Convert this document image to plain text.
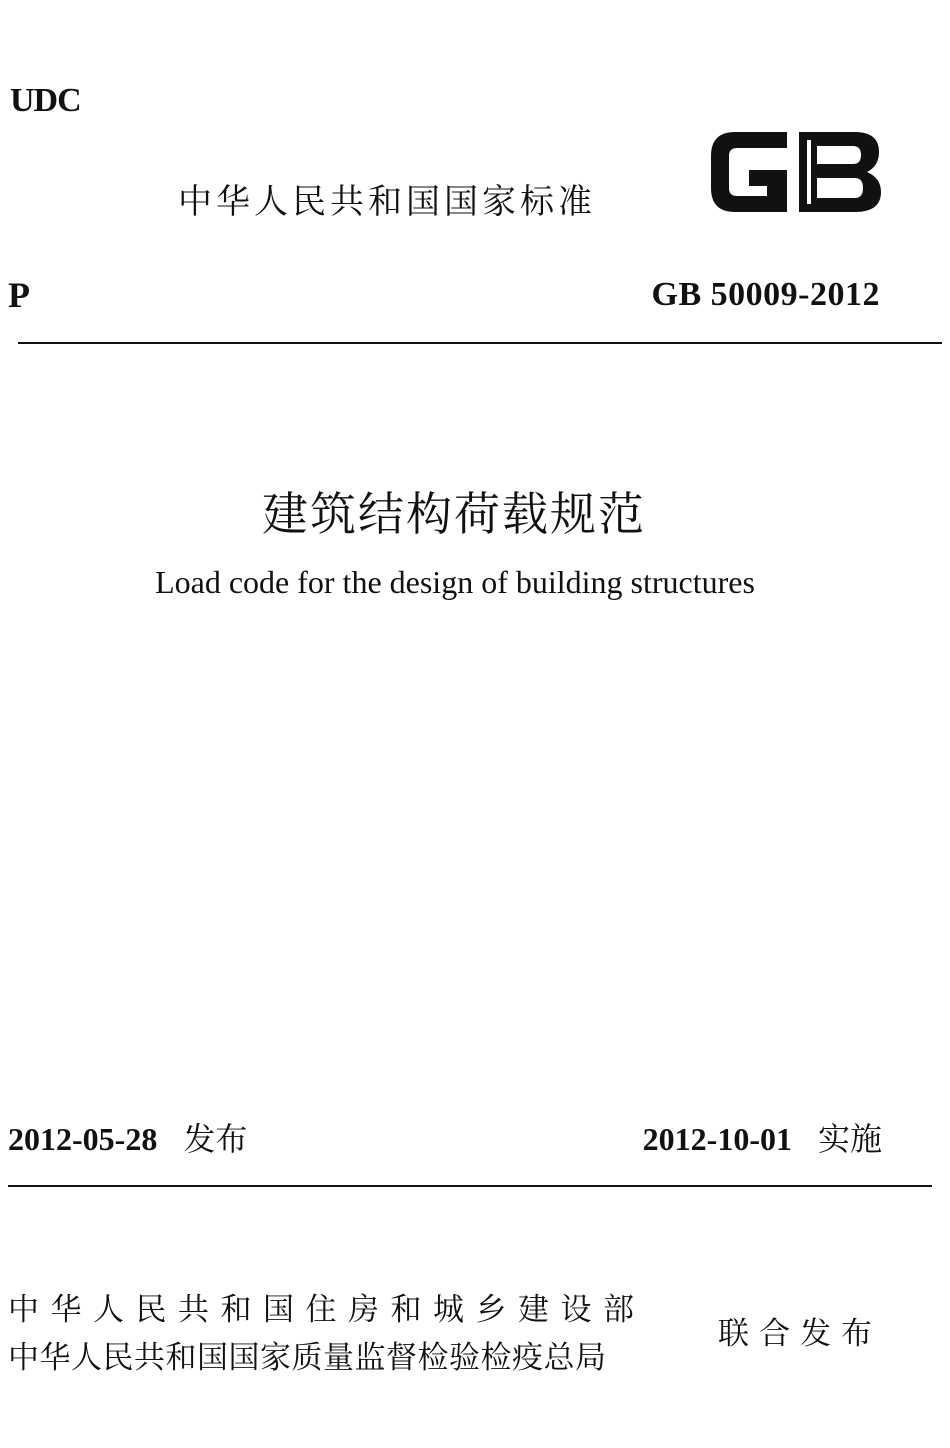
UDC
中华人民共和国国家标准
P	GB 50009-2012
建筑结构荷载规范
Load code for the design of building structures
2012-05-28 发布	2012-10-01 实施
中华人民共和国住房和城乡建设部
中华人民共和国国家质量监督检验检疫总局
联合发布
